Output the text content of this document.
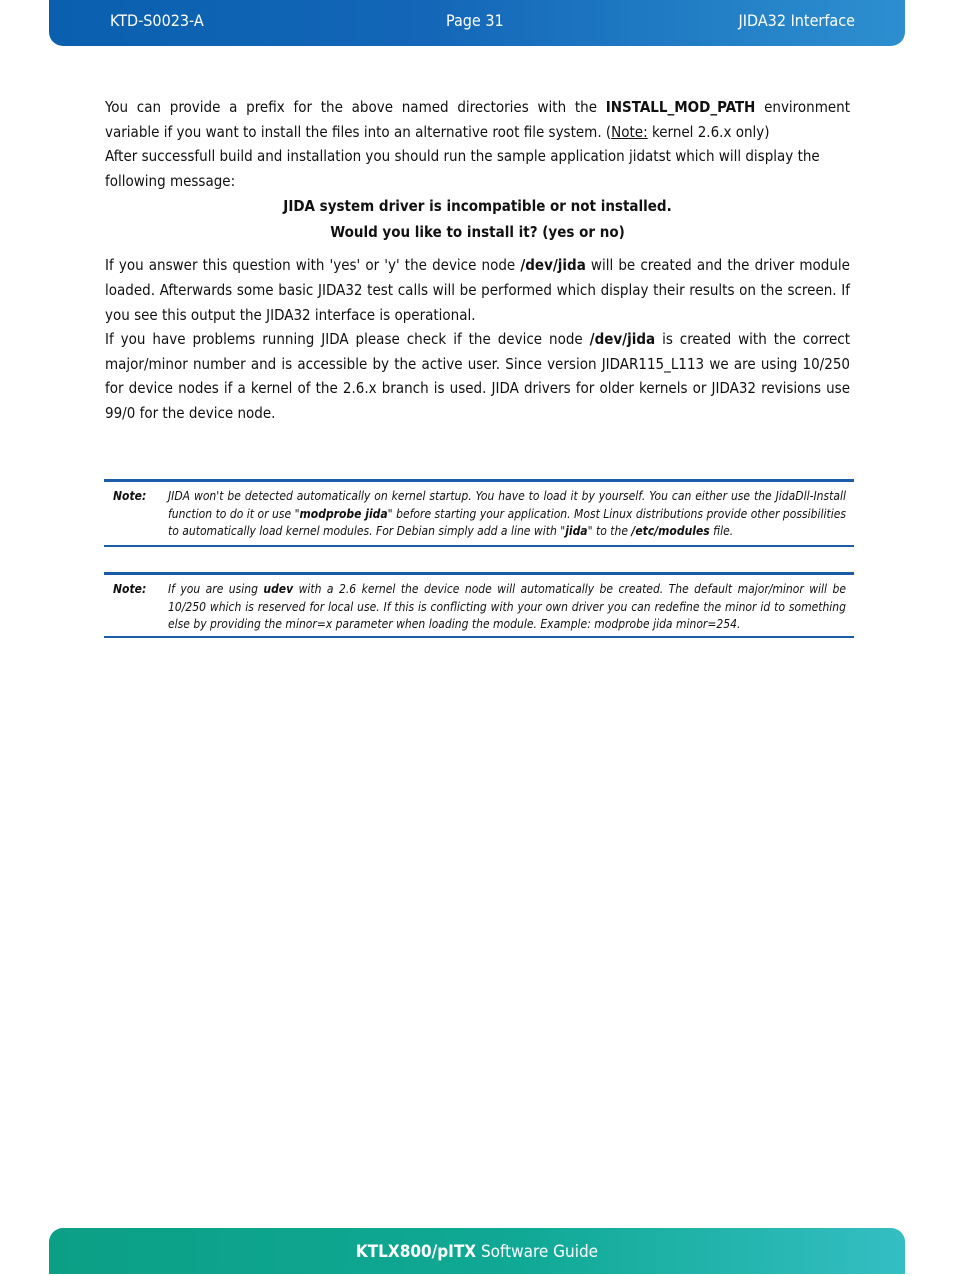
KTD-S0023-A	Page 31	JIDA32 Interface

You can provide a prefix for the above named directories with the INSTALL_MOD_PATH environment variable if you want to install the files into an alternative root file system. (Note: kernel 2.6.x only)

After successfull build and installation you should run the sample application jidatst which will display the following message:

JIDA system driver is incompatible or not installed.

Would you like to install it? (yes or no)

If you answer this question with 'yes' or 'y' the device node /dev/jida will be created and the driver module loaded. Afterwards some basic JIDA32 test calls will be performed which display their results on the screen. If you see this output the JIDA32 interface is operational.

If you have problems running JIDA please check if the device node /dev/jida is created with the correct major/minor number and is accessible by the active user. Since version JIDAR115_L113 we are using 10/250 for device nodes if a kernel of the 2.6.x branch is used. JIDA drivers for older kernels or JIDA32 revisions use 99/0 for the device node.

Note: JIDA won't be detected automatically on kernel startup. You have to load it by yourself. You can either use the JidaDll-Install function to do it or use "modprobe jida" before starting your application. Most Linux distributions provide other possibilities to automatically load kernel modules. For Debian simply add a line with "jida" to the /etc/modules file.
Note: If you are using udev with a 2.6 kernel the device node will automatically be created. The default major/minor will be 10/250 which is reserved for local use. If this is conflicting with your own driver you can redefine the minor id to something else by providing the minor=x parameter when loading the module. Example: modprobe jida minor=254.
KTLX800/pITX Software Guide
